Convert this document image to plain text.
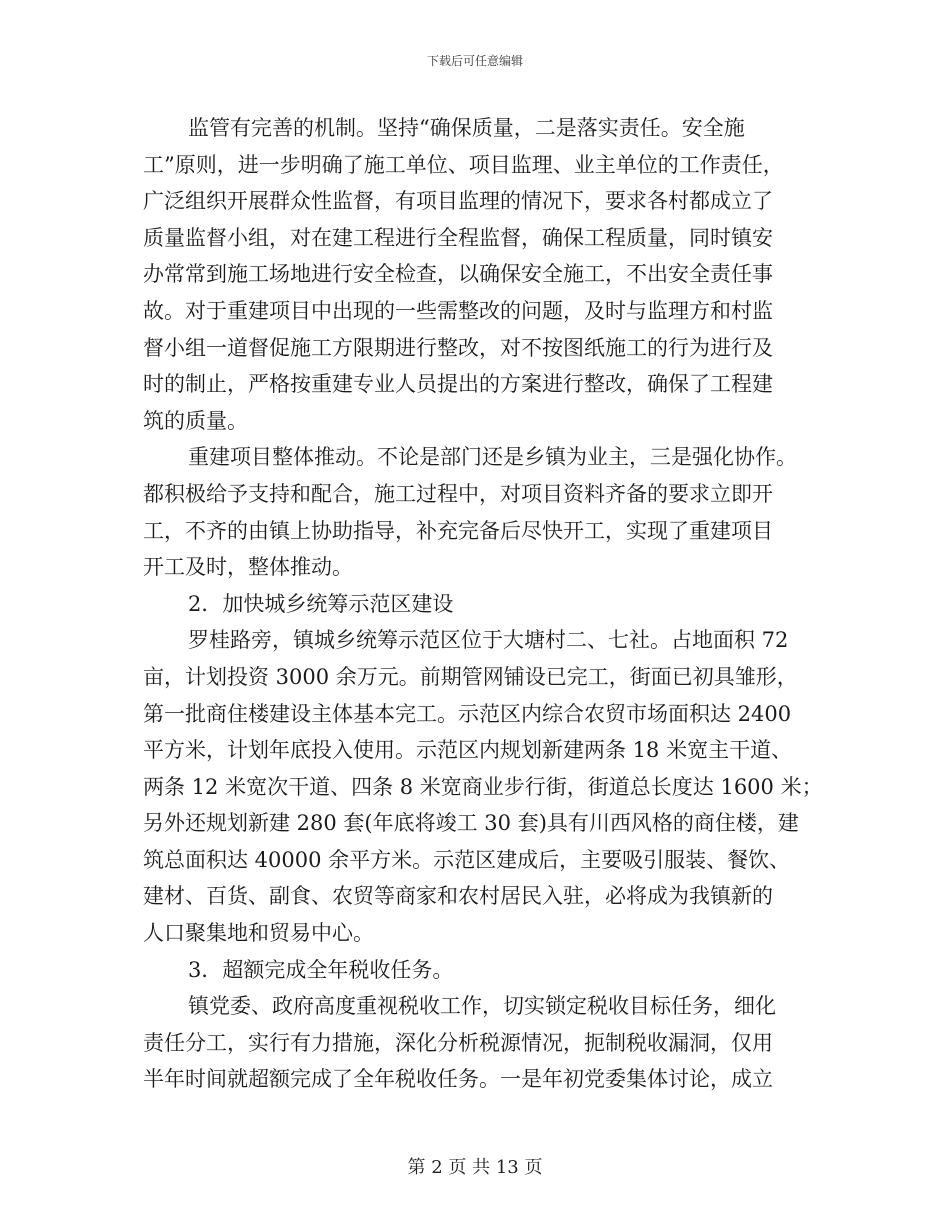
下载后可任意编辑
监管有完善的机制。坚持“确保质量，二是落实责任。安全施
工”原则，进一步明确了施工单位、项目监理、业主单位的工作责任，
广泛组织开展群众性监督，有项目监理的情况下，要求各村都成立了
质量监督小组，对在建工程进行全程监督，确保工程质量，同时镇安
办常常到施工场地进行安全检查，以确保安全施工，不出安全责任事
故。对于重建项目中出现的一些需整改的问题，及时与监理方和村监
督小组一道督促施工方限期进行整改，对不按图纸施工的行为进行及
时的制止，严格按重建专业人员提出的方案进行整改，确保了工程建
筑的质量。
重建项目整体推动。不论是部门还是乡镇为业主，三是强化协作。
都积极给予支持和配合，施工过程中，对项目资料齐备的要求立即开
工，不齐的由镇上协助指导，补充完备后尽快开工，实现了重建项目
开工及时，整体推动。
2．加快城乡统筹示范区建设
罗桂路旁，镇城乡统筹示范区位于大塘村二、七社。占地面积 72
亩，计划投资 3000 余万元。前期管网铺设已完工，街面已初具雏形，
第一批商住楼建设主体基本完工。示范区内综合农贸市场面积达 2400
平方米，计划年底投入使用。示范区内规划新建两条 18 米宽主干道、
两条 12 米宽次干道、四条 8 米宽商业步行街，街道总长度达 1600 米；
另外还规划新建 280 套(年底将竣工 30 套)具有川西风格的商住楼，建
筑总面积达 40000 余平方米。示范区建成后，主要吸引服装、餐饮、
建材、百货、副食、农贸等商家和农村居民入驻，必将成为我镇新的
人口聚集地和贸易中心。
3．超额完成全年税收任务。
镇党委、政府高度重视税收工作，切实锁定税收目标任务，细化
责任分工，实行有力措施，深化分析税源情况，扼制税收漏洞，仅用
半年时间就超额完成了全年税收任务。一是年初党委集体讨论，成立
第 2 页 共 13 页
